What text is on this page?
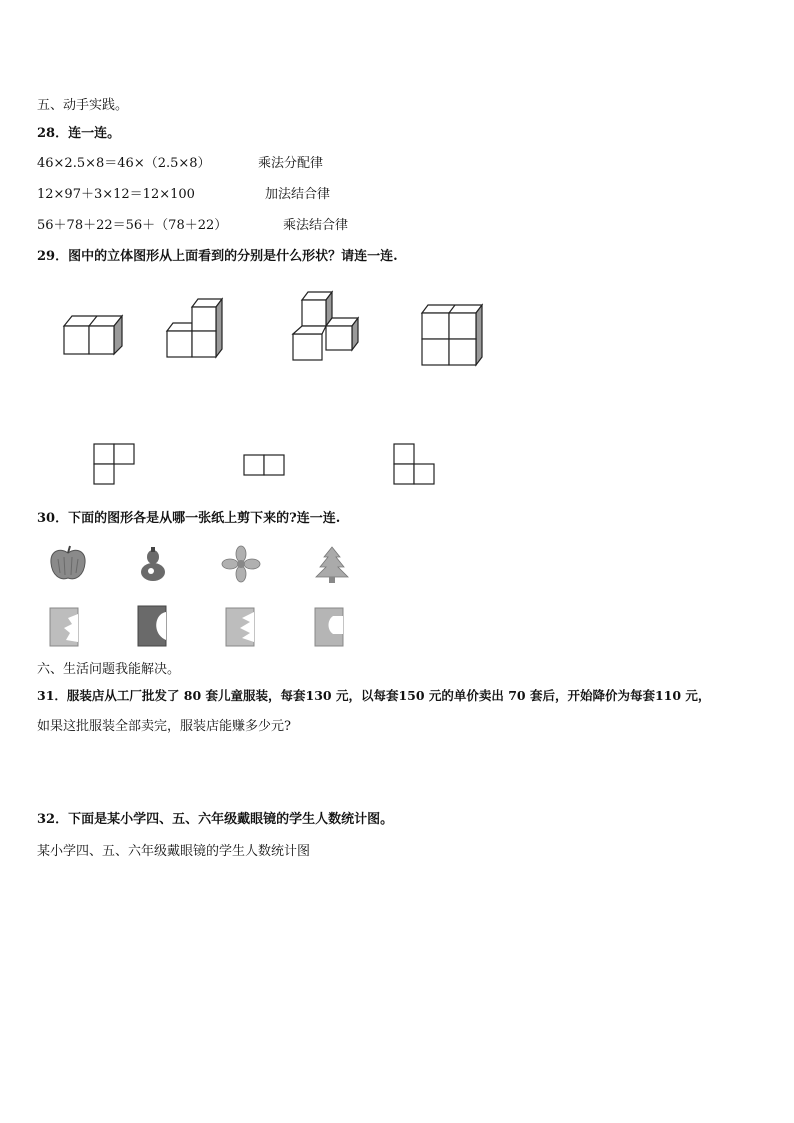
五、动手实践。
28．连一连。
46×2.5×8＝46×（2.5×8）	乘法分配律
12×97＋3×12＝12×100	加法结合律
56＋78＋22＝56＋（78＋22）	乘法结合律
29．图中的立体图形从上面看到的分别是什么形状？请连一连.
30．下面的图形各是从哪一张纸上剪下来的?连一连.
六、生活问题我能解决。
31．服装店从工厂批发了 80 套儿童服装，每套130 元，以每套150 元的单价卖出 70 套后，开始降价为每套110 元，
如果这批服装全部卖完，服装店能赚多少元?
32．下面是某小学四、五、六年级戴眼镜的学生人数统计图。
某小学四、五、六年级戴眼镜的学生人数统计图
